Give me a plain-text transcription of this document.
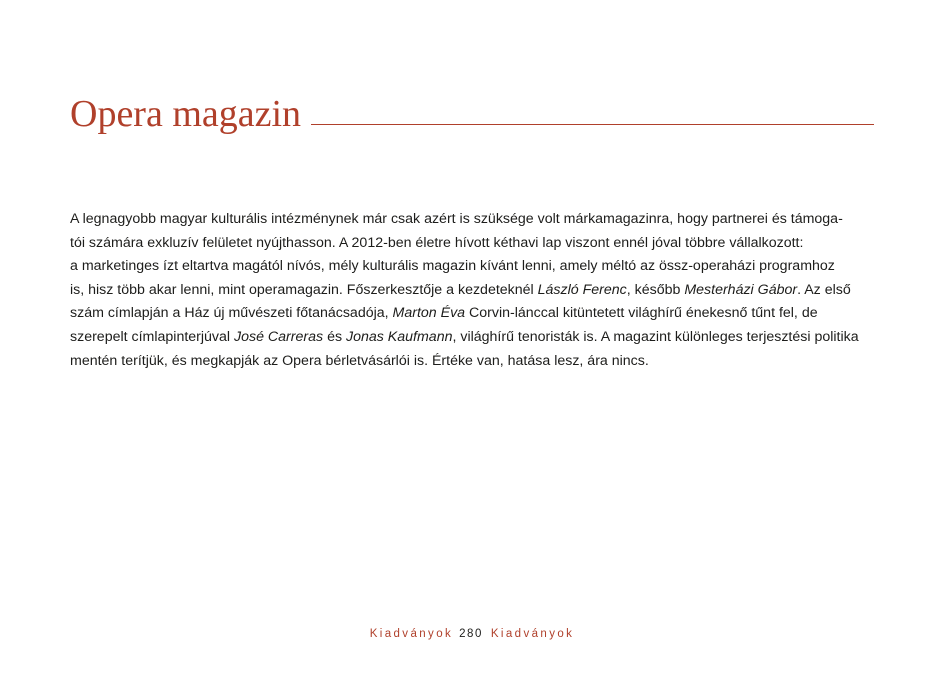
Opera magazin

A legnagyobb magyar kulturális intézménynek már csak azért is szüksége volt márkamagazinra, hogy partnerei és támoga-
tói számára exkluzív felületet nyújthasson. A 2012-ben életre hívott kéthavi lap viszont ennél jóval többre vállalkozott:
a marketinges ízt eltartva magától nívós, mély kulturális magazin kívánt lenni, amely méltó az össz-operaházi programhoz
is, hisz több akar lenni, mint operamagazin. Főszerkesztője a kezdeteknél László Ferenc, később Mesterházi Gábor. Az első
szám címlapján a Ház új művészeti főtanácsadója, Marton Éva Corvin-lánccal kitüntetett világhírű énekesnő tűnt fel, de
szerepelt címlapinterjúval José Carreras és Jonas Kaufmann, világhírű tenoristák is. A magazint különleges terjesztési politika
mentén terítjük, és megkapják az Opera bérletvásárlói is. Értéke van, hatása lesz, ára nincs.

Kiadványok 280 Kiadványok
